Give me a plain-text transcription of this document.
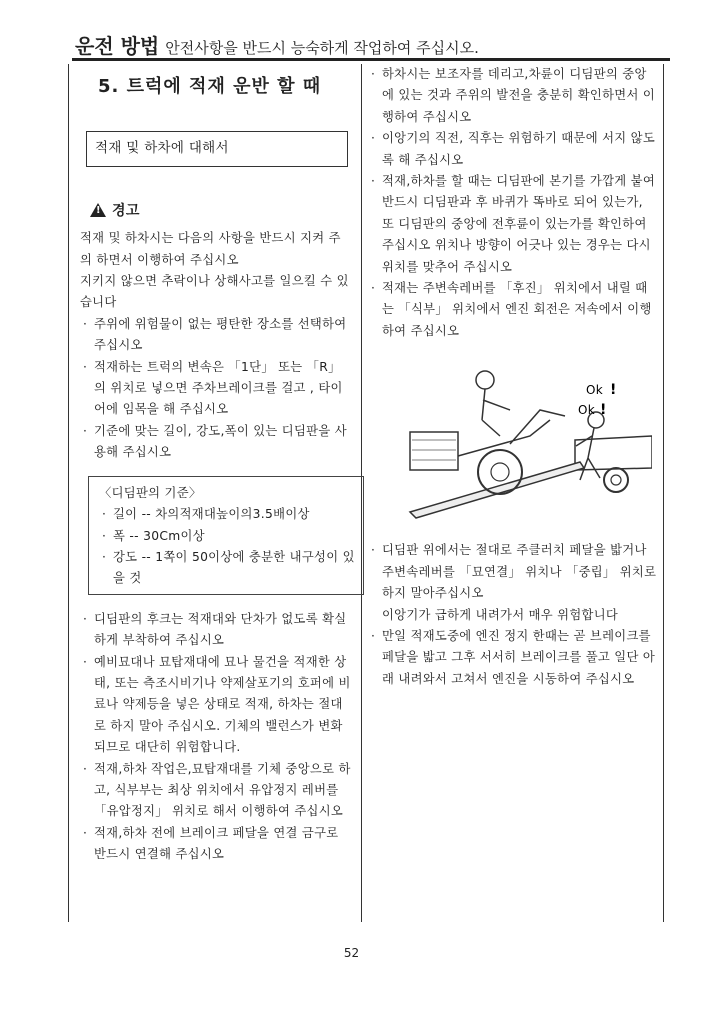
운전 방법 안전사항을 반드시 능숙하게 작업하여 주십시오.
5. 트럭에 적재 운반 할 때
적재 및 하차에 대해서
! 경고

적재 및 하차시는 다음의 사항을 반드시 지켜 주의 하면서 이행하여 주십시오

지키지 않으면 추락이나 상해사고를 일으킬 수 있습니다

· 주위에 위험물이 없는 평탄한 장소를 선택하여 주십시오

· 적재하는 트럭의 변속은 「1단」 또는 「R」의 위치로 넣으면 주차브레이크를 걸고 , 타이어에 임목을 해 주십시오

· 기준에 맞는 길이, 강도,폭이 있는 디딤판을 사용해 주십시오

〈디딤판의 기준〉

· 길이 -- 차의적재대높이의3.5배이상

· 폭 -- 30Cm이상

· 강도 -- 1쪽이 50이상에 충분한 내구성이 있을 것

· 디딤판의 후크는 적재대와 단차가 없도록 확실하게 부착하여 주십시오

· 예비묘대나 묘탑재대에 묘나 물건을 적재한 상태, 또는 측조시비기나 약제살포기의 호퍼에 비료나 약제등을 넣은 상태로 적재, 하차는 절대로 하지 말아 주십시오. 기체의 밸런스가 변화되므로 대단히 위험합니다.

· 적재,하차 작업은,묘탑재대를 기체 중앙으로 하고, 식부부는 최상 위치에서 유압정지 레버를 「유압정지」 위치로 해서 이행하여 주십시오

· 적재,하차 전에 브레이크 페달을 연결 금구로 반드시 연결해 주십시오

· 하차시는 보조자를 데리고,차륜이 디딤판의 중앙에 있는 것과 주위의 발전을 충분히 확인하면서 이행하여 주십시오

· 이앙기의 직전, 직후는 위험하기 때문에 서지 않도록 해 주십시오

· 적재,하차를 할 때는 디딤판에 본기를 가깝게 붙여 반드시 디딤판과 후 바퀴가 똑바로 되어 있는가, 또 디딤판의 중앙에 전후륜이 있는가를 확인하여 주십시오 위치나 방향이 어긋나 있는 경우는 다시 위치를 맞추어 주십시오

· 적재는 주변속레버를 「후진」 위치에서 내릴 때는 「식부」 위치에서 엔진 회전은 저속에서 이행하여 주십시오

Ok !
Ok !

· 디딤판 위에서는 절대로 주클러치 페달을 밟거나 주변속레버를 「묘연결」 위치나 「중립」 위치로 하지 말아주십시오

이앙기가 급하게 내려가서 매우 위험합니다

· 만일 적재도중에 엔진 정지 한때는 곧 브레이크를 페달을 밟고 그후 서서히 브레이크를 풀고 일단 아래 내려와서 고쳐서 엔진을 시동하여 주십시오

52
